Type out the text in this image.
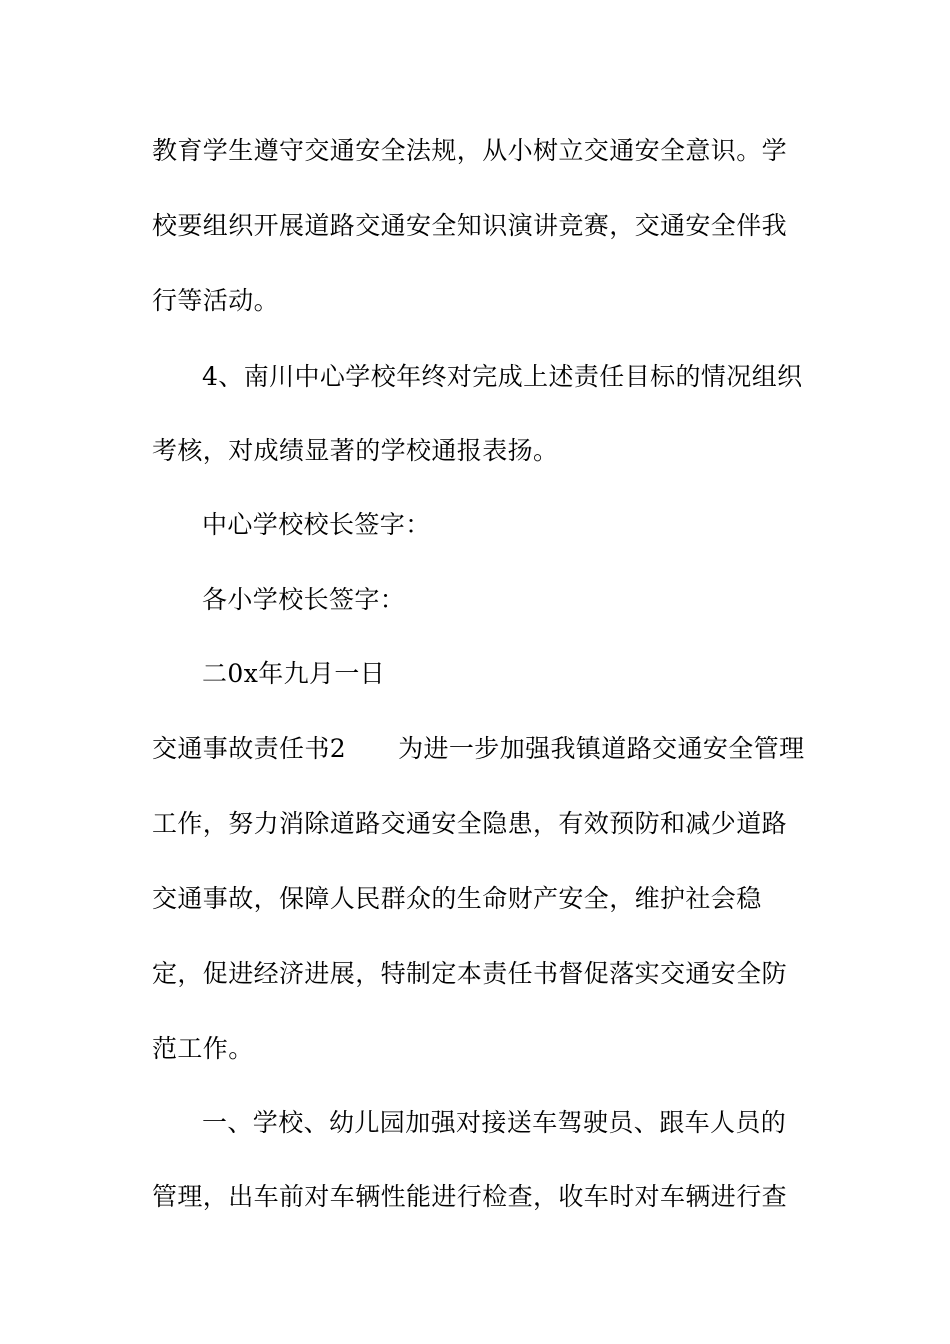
教育学生遵守交通安全法规，从小树立交通安全意识。学
校要组织开展道路交通安全知识演讲竞赛，交通安全伴我
行等活动。
4、南川中心学校年终对完成上述责任目标的情况组织
考核，对成绩显著的学校通报表扬。
中心学校校长签字：
各小学校长签字：
二0x年九月一日
交通事故责任书2 为进一步加强我镇道路交通安全管理
工作，努力消除道路交通安全隐患，有效预防和减少道路
交通事故，保障人民群众的生命财产安全，维护社会稳
定，促进经济进展，特制定本责任书督促落实交通安全防
范工作。
一、学校、幼儿园加强对接送车驾驶员、跟车人员的
管理，出车前对车辆性能进行检查，收车时对车辆进行查
